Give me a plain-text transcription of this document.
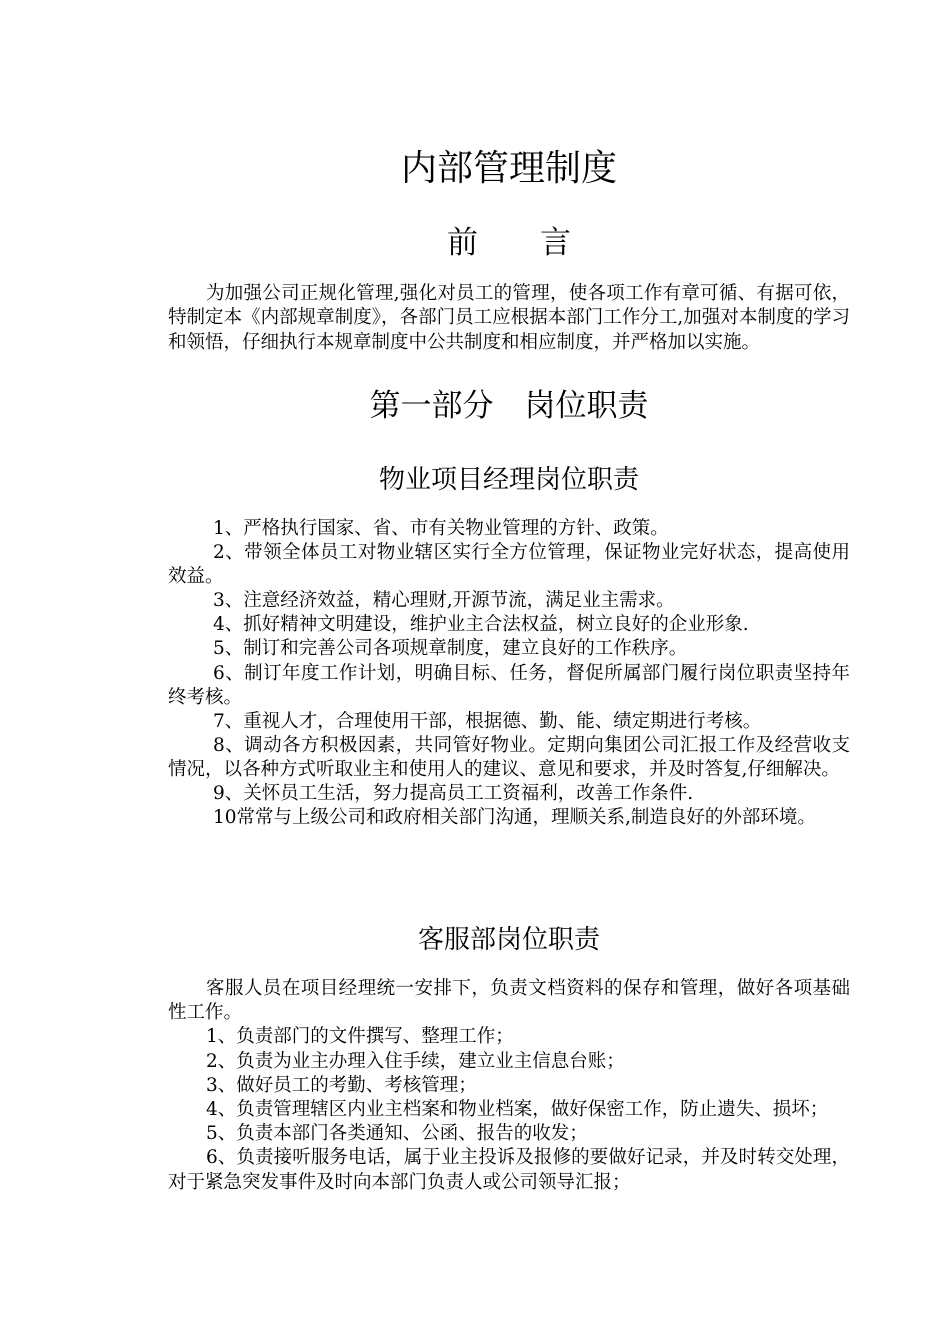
内部管理制度
前　　言

为加强公司正规化管理,强化对员工的管理，使各项工作有章可循、有据可依，特制定本《内部规章制度》，各部门员工应根据本部门工作分工,加强对本制度的学习和领悟，仔细执行本规章制度中公共制度和相应制度，并严格加以实施。

第一部分　岗位职责
物业项目经理岗位职责

1、严格执行国家、省、市有关物业管理的方针、政策。

2、带领全体员工对物业辖区实行全方位管理，保证物业完好状态，提高使用效益。

3、注意经济效益，精心理财,开源节流，满足业主需求。

4、抓好精神文明建设，维护业主合法权益，树立良好的企业形象.

5、制订和完善公司各项规章制度，建立良好的工作秩序。

6、制订年度工作计划，明确目标、任务，督促所属部门履行岗位职责坚持年终考核。

7、重视人才，合理使用干部，根据德、勤、能、绩定期进行考核。

8、调动各方积极因素，共同管好物业。定期向集团公司汇报工作及经营收支情况，以各种方式听取业主和使用人的建议、意见和要求，并及时答复,仔细解决。

9、关怀员工生活，努力提高员工工资福利，改善工作条件.

10常常与上级公司和政府相关部门沟通，理顺关系,制造良好的外部环境。

客服部岗位职责

客服人员在项目经理统一安排下，负责文档资料的保存和管理，做好各项基础性工作。

1、负责部门的文件撰写、整理工作；

2、负责为业主办理入住手续，建立业主信息台账；

3、做好员工的考勤、考核管理；

4、负责管理辖区内业主档案和物业档案，做好保密工作，防止遗失、损坏；

5、负责本部门各类通知、公函、报告的收发；

6、负责接听服务电话，属于业主投诉及报修的要做好记录，并及时转交处理，对于紧急突发事件及时向本部门负责人或公司领导汇报；
